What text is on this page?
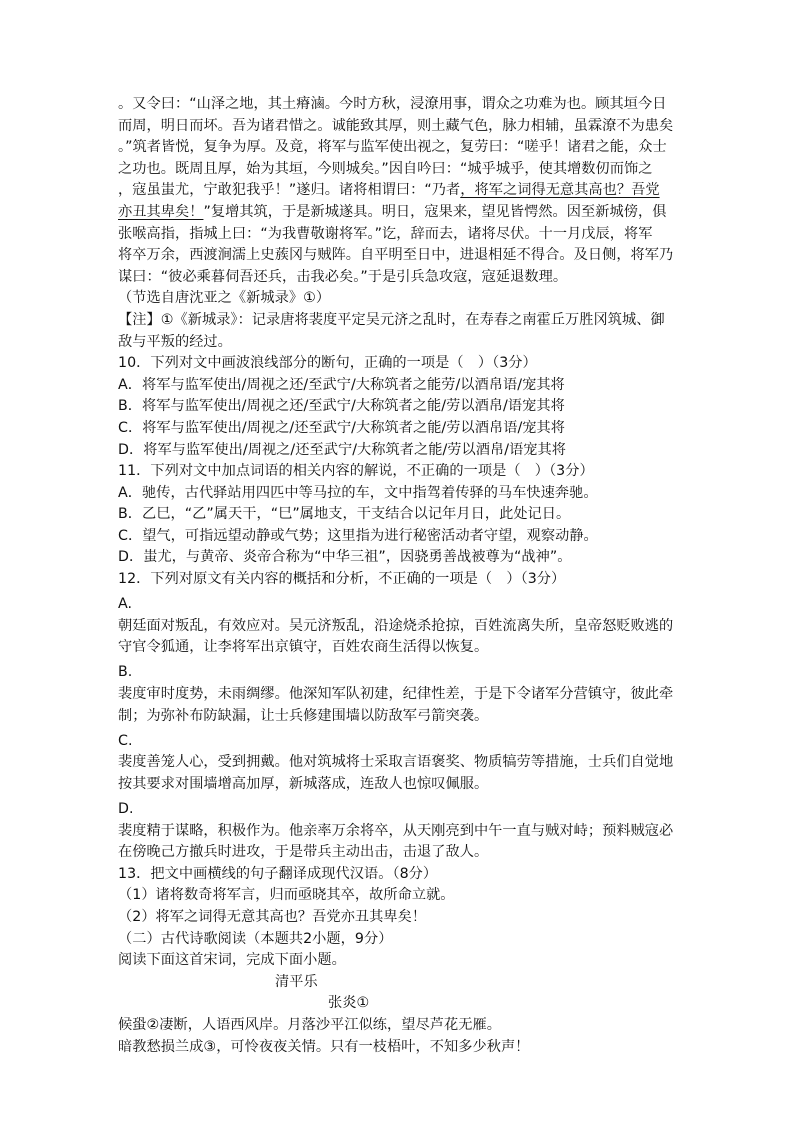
。又令曰：“山泽之地，其土瘠滷。今时方秋，浸潦用事，谓众之功难为也。顾其垣今日
而周，明日而坏。吾为诸君惜之。诚能致其厚，则土藏气色，脉力相辅，虽霖潦不为患矣
。”筑者皆悦，复争为厚。及竟，将军与监军使出视之，复劳曰：“嗟乎！诸君之能，众士
之功也。既周且厚，始为其垣，今则城矣。”因自吟曰：“城乎城乎，使其增数仞而饰之
，寇虽蚩尤，宁敢犯我乎！”遂归。诸将相谓曰：“乃者，将军之词得无意其高也？吾党
亦丑其卑矣！”复增其筑，于是新城遂具。明日，寇果来，望见皆愕然。因至新城傍，俱
张喉高指，指城上曰：“为我曹敬谢将军。”讫，辞而去，诸将尽伏。十一月戊辰，将军
将卒万余，西渡涧濡上史蔟冈与贼阵。自平明至日中，进退相延不得合。及日侧，将军乃
谋曰：“彼必乘暮伺吾还兵，击我必矣。”于是引兵急攻寇，寇延退数理。
（节选自唐沈亚之《新城录》①）
【注】①《新城录》：记录唐将裴度平定吴元济之乱时，在寿春之南霍丘万胜冈筑城、御
敌与平叛的经过。
10．下列对文中画波浪线部分的断句，正确的一项是（　）（3分）
A．将军与监军使出/周视之还/至武宁/大称筑者之能劳/以酒帛语/宠其将
B．将军与监军使出/周视之还/至武宁/大称筑者之能/劳以酒帛/语宠其将
C．将军与监军使出/周视之/还至武宁/大称筑者之能/劳以酒帛语/宠其将
D．将军与监军使出/周视之/还至武宁/大称筑者之能/劳以酒帛/语宠其将
11．下列对文中加点词语的相关内容的解说，不正确的一项是（　）（3分）
A．驰传，古代驿站用四匹中等马拉的车，文中指驾着传驿的马车快速奔驰。
B．乙巳，“乙”属天干，“巳”属地支，干支结合以记年月日，此处记日。
C．望气，可指远望动静或气势；这里指为进行秘密活动者守望，观察动静。
D．蚩尤，与黄帝、炎帝合称为“中华三祖”，因骁勇善战被尊为“战神”。
12．下列对原文有关内容的概括和分析，不正确的一项是（　）（3分）
A.
朝廷面对叛乱，有效应对。吴元济叛乱，沿途烧杀抢掠，百姓流离失所，皇帝怒贬败逃的
守官令狐通，让李将军出京镇守，百姓农商生活得以恢复。
B.
裴度审时度势，未雨绸缪。他深知军队初建，纪律性差，于是下令诸军分营镇守，彼此牵
制；为弥补布防缺漏，让士兵修建围墙以防敌军弓箭突袭。
C.
裴度善笼人心，受到拥戴。他对筑城将士采取言语褒奖、物质犒劳等措施，士兵们自觉地
按其要求对围墙增高加厚，新城落成，连敌人也惊叹佩服。
D.
裴度精于谋略，积极作为。他亲率万余将卒，从天刚亮到中午一直与贼对峙；预料贼寇必
在傍晚己方撤兵时进攻，于是带兵主动出击，击退了敌人。
13．把文中画横线的句子翻译成现代汉语。（8分）
（1）诸将数奇将军言，归而亟晓其卒，故所命立就。
（2）将军之词得无意其高也？吾党亦丑其卑矣！
（二）古代诗歌阅读（本题共2小题，9分）
阅读下面这首宋词，完成下面小题。
清平乐
张炎①
候蛩②凄断，人语西风岸。月落沙平江似练，望尽芦花无雁。
暗教愁损兰成③，可怜夜夜关情。只有一枝梧叶，不知多少秋声！
